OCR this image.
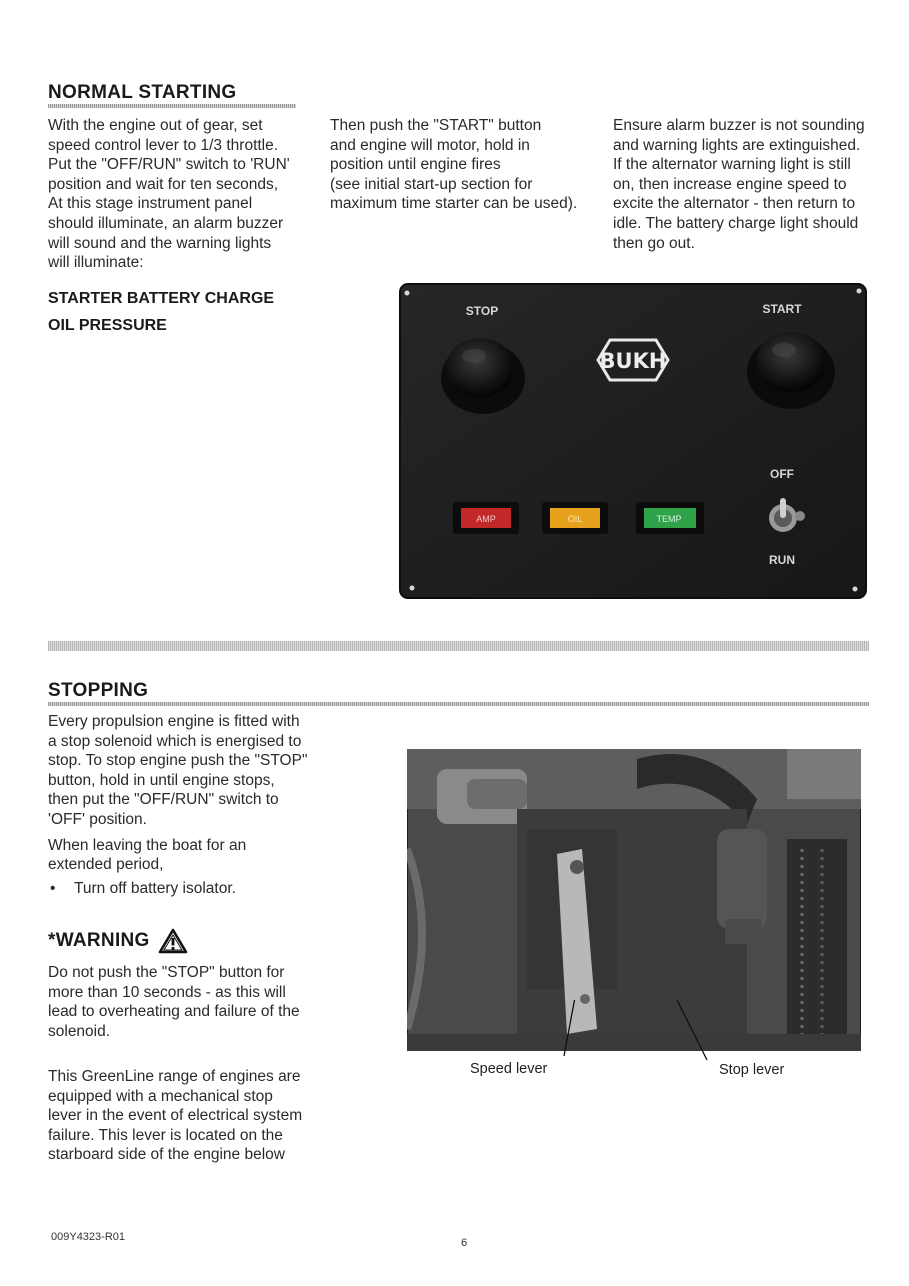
NORMAL STARTING

With the engine out of gear, set

speed control lever to 1/3 throttle.

Put the "OFF/RUN" switch to 'RUN'

position and wait for ten seconds,

At this stage instrument panel

should illuminate, an alarm buzzer

will sound and the warning lights

will illuminate:

Then push the "START" button

and engine will motor, hold in

position until engine fires

(see initial start-up section for

maximum time starter can be used).

Ensure alarm buzzer is not sounding

and warning lights are extinguished.

If the alternator warning light is still

on, then increase engine speed to

excite the alternator - then return to

idle. The battery charge light should

then go out.

STARTER BATTERY CHARGE
OIL PRESSURE
BUKH
STOP	START
OFF
RUN
AMP	OIL	TEMP
STOPPING

Every propulsion engine is fitted with

a stop solenoid which is energised to

stop. To stop engine push the "STOP"

button, hold in until engine stops,

then put the "OFF/RUN" switch to

'OFF' position.

When leaving the boat for an

extended period,

• Turn off battery isolator.
*WARNING

Do not push the "STOP" button for

more than 10 seconds - as this will

lead to overheating and failure of the

solenoid.

This GreenLine range of engines are

equipped with a mechanical stop

lever in the event of electrical system

failure. This lever is located on the

starboard side of the engine below

Speed lever	Stop lever
009Y4323-R01	6
